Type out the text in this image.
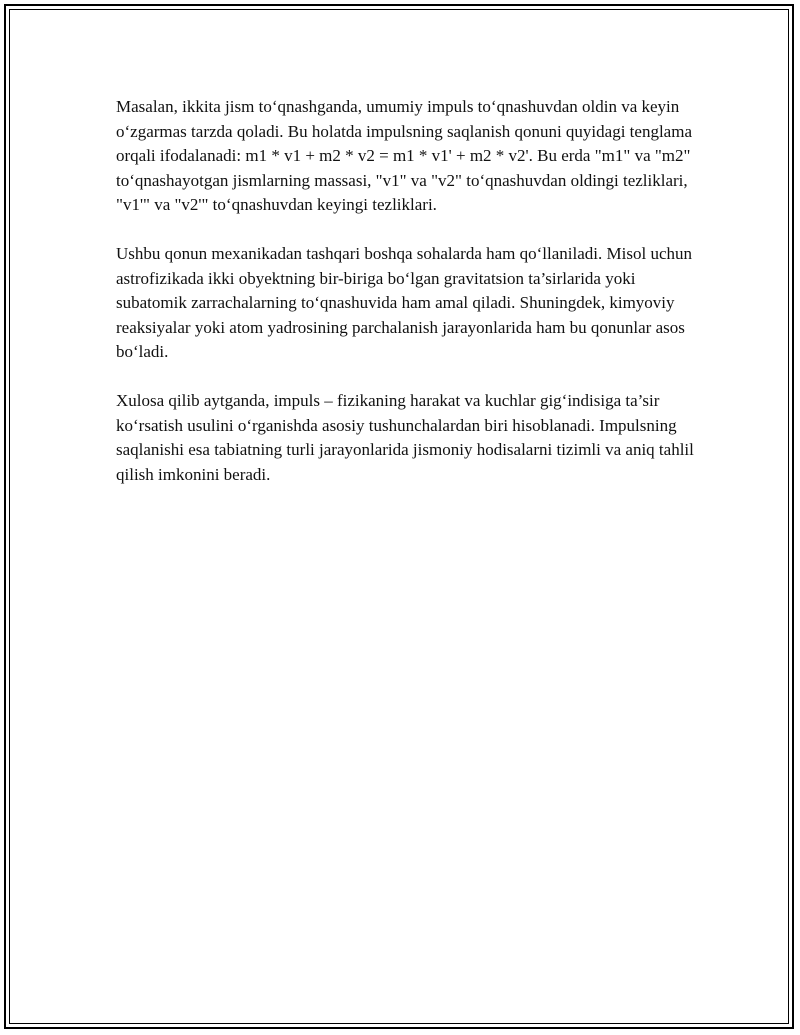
Masalan, ikkita jism to‘qnashganda, umumiy impuls to‘qnashuvdan oldin va keyin o‘zgarmas tarzda qoladi. Bu holatda impulsning saqlanish qonuni quyidagi tenglama orqali ifodalanadi: m1 * v1 + m2 * v2 = m1 * v1' + m2 * v2'. Bu erda "m1" va "m2" to‘qnashayotgan jismlarning massasi, "v1" va "v2" to‘qnashuvdan oldingi tezliklari, "v1'" va "v2'" to‘qnashuvdan keyingi tezliklari.

Ushbu qonun mexanikadan tashqari boshqa sohalarda ham qo‘llaniladi. Misol uchun astrofizikada ikki obyektning bir-biriga bo‘lgan gravitatsion ta’sirlarida yoki subatomik zarrachalarning to‘qnashuvida ham amal qiladi. Shuningdek, kimyoviy reaksiyalar yoki atom yadrosining parchalanish jarayonlarida ham bu qonunlar asos bo‘ladi.

Xulosa qilib aytganda, impuls – fizikaning harakat va kuchlar gig‘indisiga ta’sir ko‘rsatish usulini o‘rganishda asosiy tushunchalardan biri hisoblanadi. Impulsning saqlanishi esa tabiatning turli jarayonlarida jismoniy hodisalarni tizimli va aniq tahlil qilish imkonini beradi.
